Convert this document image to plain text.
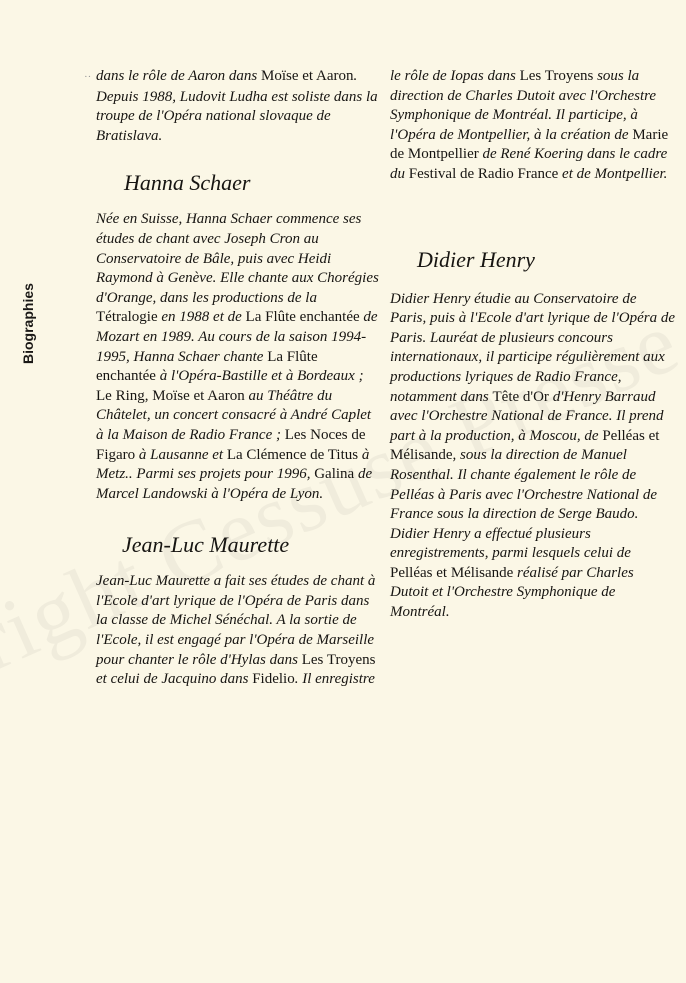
Biographies

·· dans le rôle de Aaron dans Moïse et Aaron. Depuis 1988, Ludovit Ludha est soliste dans la troupe de l'Opéra national slovaque de Bratislava.

Hanna Schaer

Née en Suisse, Hanna Schaer commence ses études de chant avec Joseph Cron au Conservatoire de Bâle, puis avec Heidi Raymond à Genève. Elle chante aux Chorégies d'Orange, dans les productions de la Tétralogie en 1988 et de La Flûte enchantée de Mozart en 1989. Au cours de la saison 1994-1995, Hanna Schaer chante La Flûte enchantée à l'Opéra-Bastille et à Bordeaux ; Le Ring, Moïse et Aaron au Théâtre du Châtelet, un concert consacré à André Caplet à la Maison de Radio France ; Les Noces de Figaro à Lausanne et La Clémence de Titus à Metz.. Parmi ses projets pour 1996, Galina de Marcel Landowski à l'Opéra de Lyon.

Jean-Luc Maurette

Jean-Luc Maurette a fait ses études de chant à l'Ecole d'art lyrique de l'Opéra de Paris dans la classe de Michel Sénéchal. A la sortie de l'Ecole, il est engagé par l'Opéra de Marseille pour chanter le rôle d'Hylas dans Les Troyens et celui de Jacquino dans Fidelio. Il enregistre

le rôle de Iopas dans Les Troyens sous la direction de Charles Dutoit avec l'Orchestre Symphonique de Montréal. Il participe, à l'Opéra de Montpellier, à la création de Marie de Montpellier de René Koering dans le cadre du Festival de Radio France et de Montpellier.

Didier Henry

Didier Henry étudie au Conservatoire de Paris, puis à l'Ecole d'art lyrique de l'Opéra de Paris. Lauréat de plusieurs concours internationaux, il participe régulièrement aux productions lyriques de Radio France, notamment dans Tête d'Or d'Henry Barraud avec l'Orchestre National de France. Il prend part à la production, à Moscou, de Pelléas et Mélisande, sous la direction de Manuel Rosenthal. Il chante également le rôle de Pelléas à Paris avec l'Orchestre National de France sous la direction de Serge Baudo. Didier Henry a effectué plusieurs enregistrements, parmi lesquels celui de Pelléas et Mélisande réalisé par Charles Dutoit et l'Orchestre Symphonique de Montréal.
